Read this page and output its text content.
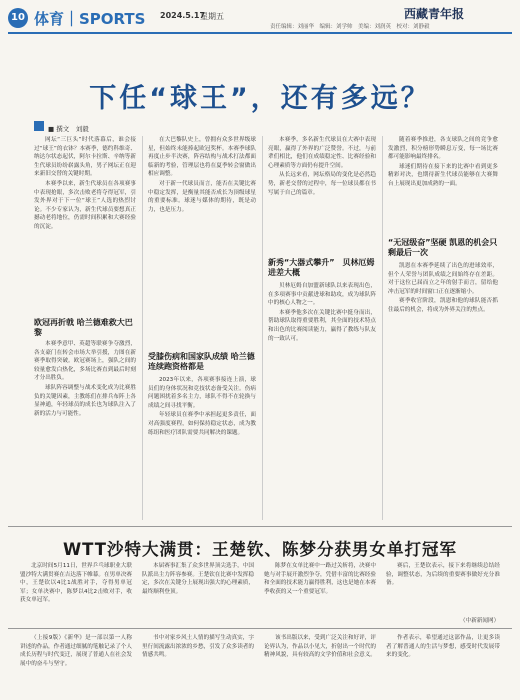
10 体育｜SPORTS 2024.5.17
星期五	西藏青年报
责任编辑：刘丽华　编辑：刘学帅　美编：刘润英　校对：刘静毅
下任“球王”，还有多远？
■ 撰文　刘毅

网坛“三巨头”时代落幕后，谁会接过“球王”的衣钵？本赛季，德约科维奇、纳达尔状态起伏，阿尔卡拉斯、辛纳等新生代球员纷纷崭露头角，男子网坛正在迎来新旧交替的关键时期。

本赛季以来，新生代球员在各项赛事中表现抢眼，多次击败老将夺得冠军，引发外界对于下一位“球王”人选的热烈讨论。不少专家认为，新生代球员要想真正撼动老将地位，仍需时间积累和大赛经验的沉淀。

欧冠再折戟 哈兰德难救大巴黎

本赛季意甲、英超等联赛争夺激烈，各支豪门在转会市场大举引援，力图在新赛季取得突破。欧冠赛场上，强队之间的较量愈发白热化，多场比赛直到最后时刻才分出胜负。

球队阵容调整与战术变化成为比赛胜负的关键因素，主教练们在排兵布阵上各显神通，年轻球员的成长也为球队注入了新的活力与可能性。

在大巴黎队史上，曾拥有众多世界级球星，但始终未能捧起欧冠奖杯。本赛季球队再度止步半决赛，阵容结构与战术打法都面临新的考验，管理层也将在夏季转会窗做出相应调整。

对于新一代球员而言，能否在关键比赛中稳定发挥，是衡量其能否成长为顶级球星的重要标准。球迷与媒体的期待，既是动力，也是压力。

受膝伤病和国家队成绩 哈兰德连续跑资格都是

2023年以来，各项赛事接连上演，球员们的身体状况和竞技状态备受关注。伤病问题困扰着多名主力，球队不得不在轮换与成绩之间寻找平衡。

年轻球员在赛季中承担起更多责任，面对高强度赛程，如何保持稳定状态，成为教练组和医疗团队需要共同解决的课题。

本赛季，多名新生代球员在大赛中表现亮眼，赢得了外界的广泛赞誉。不过，与前辈们相比，他们在成绩稳定性、比赛经验和心理素质等方面仍有提升空间。

从长远来看，网坛格局的变化是必然趋势，新老交替的过程中，每一位球员都在书写属于自己的篇章。

新秀“大器式攀升”　贝林厄姆进差大概

贝林厄姆自加盟新球队以来表现出色，在多项赛事中贡献进球和助攻，成为球队阵中的核心人物之一。

本赛季他多次在关键比赛中挺身而出，帮助球队取得重要胜利，其全面的技术特点和出色的比赛阅读能力，赢得了教练与队友的一致认可。

随着赛季推进，各支球队之间的竞争愈发激烈，积分榜形势瞬息万变，每一场比赛都可能影响最终排名。

球迷们期待在接下来的比赛中看到更多精彩对决，也期待新生代球员能够在大赛舞台上展现出更加成熟的一面。

“无冠级奋”坚硬 凯恩的机会只剩最后一次

凯恩在本赛季延续了出色的进球效率，但个人荣誉与团队成绩之间始终存在差距。对于这位已届而立之年的射手而言，留给他冲击冠军的时间窗口正在逐渐缩小。

赛季收官阶段，凯恩和他的球队能否抓住最后的机会，将成为外界关注的焦点。

WTT沙特大满贯：王楚钦、陈梦分获男女单打冠军

北京时间5月11日，世界乒乓球职业大联盟沙特大满贯赛在吉达落下帷幕。在男单决赛中，王楚钦以4比1战胜对手，夺得男单冠军；女单决赛中，陈梦以4比2击败对手，收获女单冠军。

本届赛事汇集了众多世界顶尖选手，中国队派出主力阵容参赛。王楚钦在比赛中发挥稳定，多次在关键分上展现出强大的心理素质，最终顺利登顶。

陈梦在女单比赛中一路过关斩将，决赛中她与对手展开激烈争夺，凭借丰富的比赛经验和全面的技术能力赢得胜利，这也是她在本赛季收获的又一个重要冠军。

赛后，王楚钦表示，接下来将继续总结经验，调整状态，为后续的重要赛事做好充分准备。

（中新新闻网）

（上接9版）《新华》是一部以第一人称讲述的作品，作者通过细腻的笔触记录了个人成长历程与时代变迁，展现了普通人在社会发展中的奋斗与坚守。

书中对家乡风土人情的描写生动真实，字里行间流露出浓浓的乡愁，引发了众多读者的情感共鸣。

该书出版以来，受到广泛关注和好评，评论界认为，作品以小见大，折射出一个时代的精神风貌，具有较高的文学价值和社会意义。

作者表示，希望通过这部作品，让更多读者了解普通人的生活与梦想，感受时代发展带来的变化。
